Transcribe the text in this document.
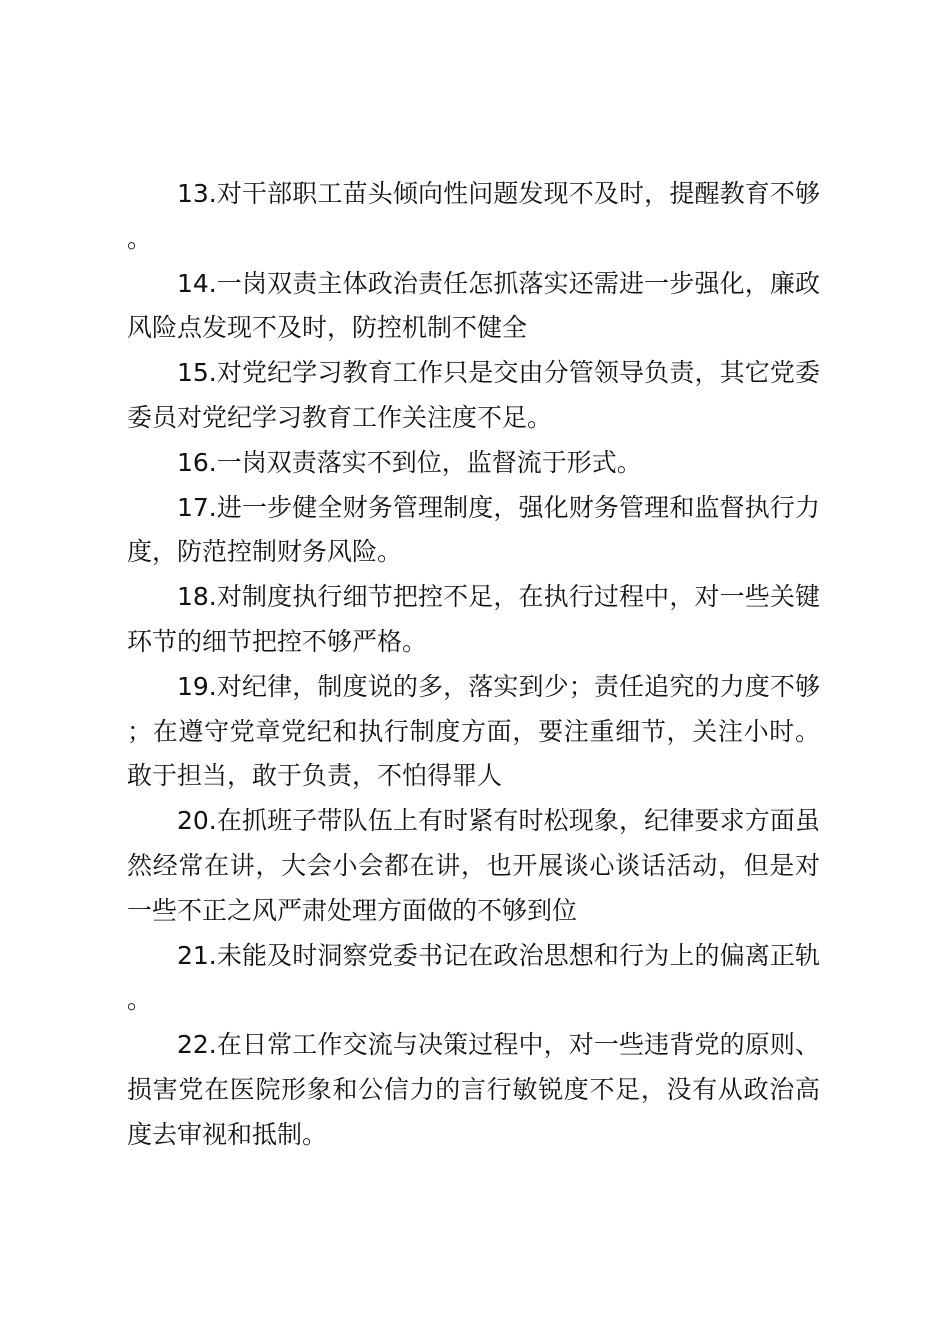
13.对干部职工苗头倾向性问题发现不及时，提醒教育不够。

14.一岗双责主体政治责任怎抓落实还需进一步强化，廉政风险点发现不及时，防控机制不健全

15.对党纪学习教育工作只是交由分管领导负责，其它党委委员对党纪学习教育工作关注度不足。

16.一岗双责落实不到位，监督流于形式。

17.进一步健全财务管理制度，强化财务管理和监督执行力度，防范控制财务风险。

18.对制度执行细节把控不足，在执行过程中，对一些关键环节的细节把控不够严格。

19.对纪律，制度说的多，落实到少；责任追究的力度不够；在遵守党章党纪和执行制度方面，要注重细节，关注小时。敢于担当，敢于负责，不怕得罪人

20.在抓班子带队伍上有时紧有时松现象，纪律要求方面虽然经常在讲，大会小会都在讲，也开展谈心谈话活动，但是对一些不正之风严肃处理方面做的不够到位

21.未能及时洞察党委书记在政治思想和行为上的偏离正轨。

22.在日常工作交流与决策过程中，对一些违背党的原则、损害党在医院形象和公信力的言行敏锐度不足，没有从政治高度去审视和抵制。
